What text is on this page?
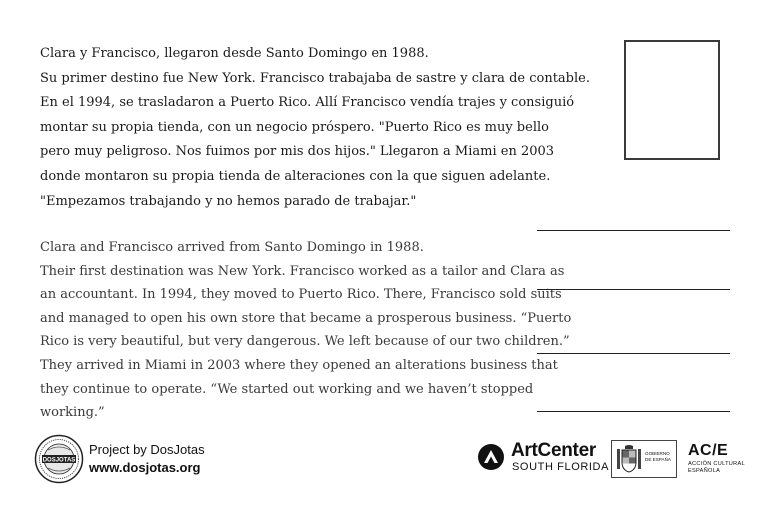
Clara y Francisco, llegaron desde Santo Domingo en 1988.
Su primer destino fue New York. Francisco trabajaba de sastre y clara de contable.
En el 1994, se trasladaron a Puerto Rico. Allí Francisco vendía trajes y consiguió
montar su propia tienda, con un negocio próspero. "Puerto Rico es muy bello
pero muy peligroso. Nos fuimos por mis dos hijos." Llegaron a Miami en 2003
donde montaron su propia tienda de alteraciones con la que siguen adelante.
"Empezamos trabajando y no hemos parado de trabajar."
Clara and Francisco arrived from Santo Domingo in 1988.
Their first destination was New York. Francisco worked as a tailor and Clara as
an accountant. In 1994, they moved to Puerto Rico. There, Francisco sold suits
and managed to open his own store that became a prosperous business. “Puerto
Rico is very beautiful, but very dangerous. We left because of our two children.”
They arrived in Miami in 2003 where they opened an alterations business that
they continue to operate. “We started out working and we haven’t stopped
working.”
DOSJOTAS
Project by DosJotas
www.dosjotas.org
ArtCenter
SOUTH FLORIDA
GOBIERNO
DE ESPAÑA
AC/E
ACCIÓN CULTURAL
ESPAÑOLA
